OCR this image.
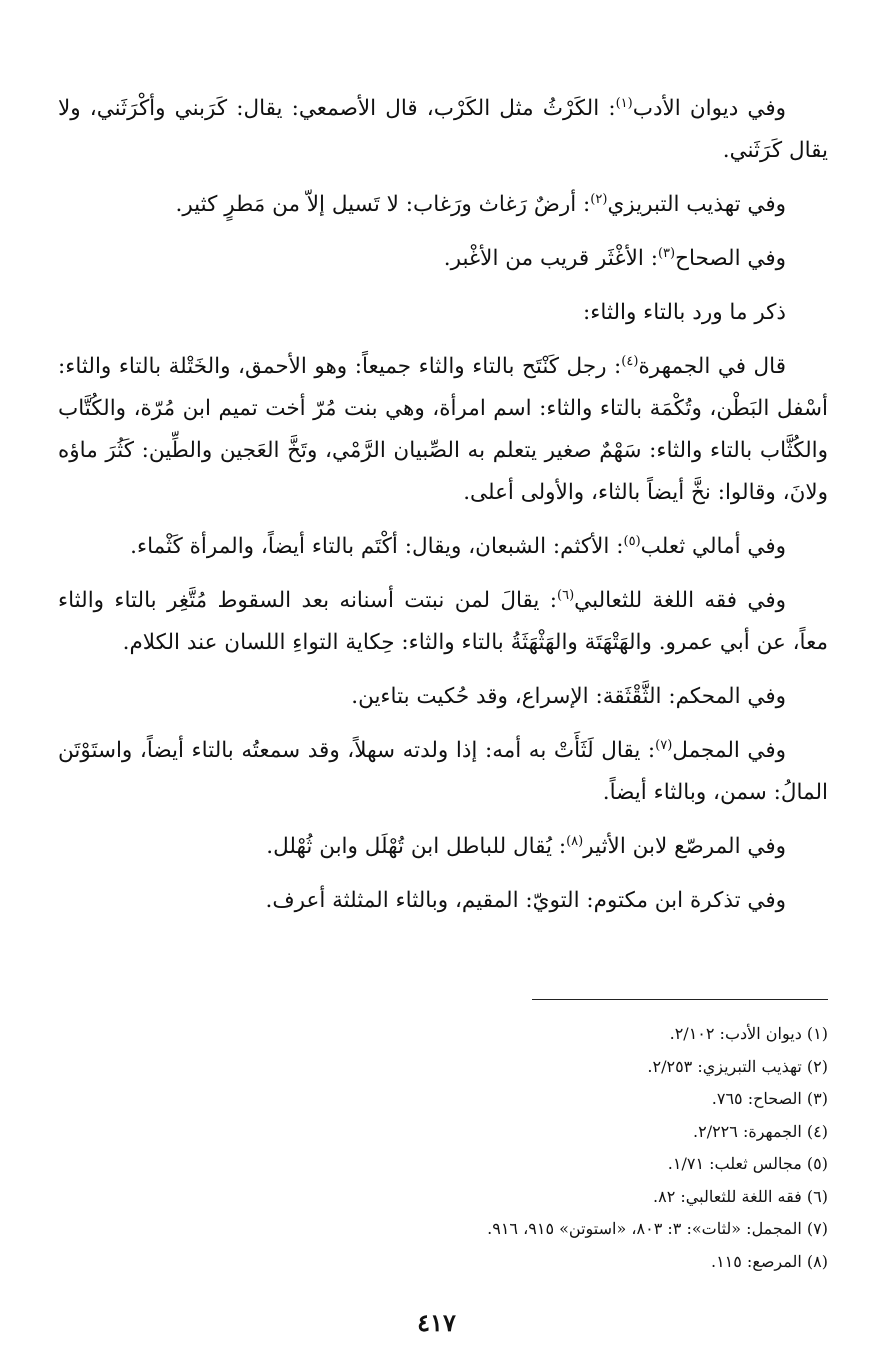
وفي ديوان الأدب$^{(١)}$: الكَرْثُ مثل الكَرْب، قال الأصمعي: يقال: كَرَبني وأكْرَثَني، ولا يقال كَرَثَني.

وفي تهذيب التبريزي$^{(٢)}$: أرضٌ رَغاث ورَغاب: لا تَسيل إلاّ من مَطرٍ كثير.

وفي الصحاح$^{(٣)}$: الأغْثَر قريب من الأغْبر.

ذكر ما ورد بالتاء والثاء:

قال في الجمهرة$^{(٤)}$: رجل كَنْتَح بالتاء والثاء جميعاً: وهو الأحمق، والخَتْلة بالتاء والثاء: أسْفل البَطْن، وتُكْمَة بالتاء والثاء: اسم امرأة، وهي بنت مُرّ أخت تميم ابن مُرّة، والكُتَّاب والكُثَّاب بالتاء والثاء: سَهْمٌ صغير يتعلم به الصِّبيان الرَّمْي، وتَخَّ العَجين والطِّين: كَثُرَ ماؤه ولانَ، وقالوا: نخَّ أيضاً بالثاء، والأولى أعلى.

وفي أمالي ثعلب$^{(٥)}$: الأكثم: الشبعان، ويقال: أكْتَم بالتاء أيضاً، والمرأة كَثْماء.

وفي فقه اللغة للثعالبي$^{(٦)}$: يقالَ لمن نبتت أسنانه بعد السقوط مُتَّغِر بالتاء والثاء معاً، عن أبي عمرو. والهَتْهَتَة والهَثْهَثَةُ بالتاء والثاء: حِكاية التواءِ اللسان عند الكلام.

وفي المحكم: الثَّقْثَقة: الإسراع، وقد حُكيت بتاءين.

وفي المجمل$^{(٧)}$: يقال لَثَأَتْ به أمه: إذا ولدته سهلاً، وقد سمعتُه بالتاء أيضاً، واستَوْتَن المالُ: سمن، وبالثاء أيضاً.

وفي المرصّع لابن الأثير$^{(٨)}$: يُقال للباطل ابن تُهْلَل وابن ثُهْلل.

وفي تذكرة ابن مكتوم: التويّ: المقيم، وبالثاء المثلثة أعرف.

(١) ديوان الأدب: ٢/١٠٢.
(٢) تهذيب التبريزي: ٢/٢٥٣.
(٣) الصحاح: ٧٦٥.
(٤) الجمهرة: ٢/٢٢٦.
(٥) مجالس ثعلب: ١/٧١.
(٦) فقه اللغة للثعالبي: ٨٢.
(٧) المجمل: «لثات»: ٣: ٨٠٣، «استوتن» ٩١٥، ٩١٦.
(٨) المرصع: ١١٥.
٤١٧
